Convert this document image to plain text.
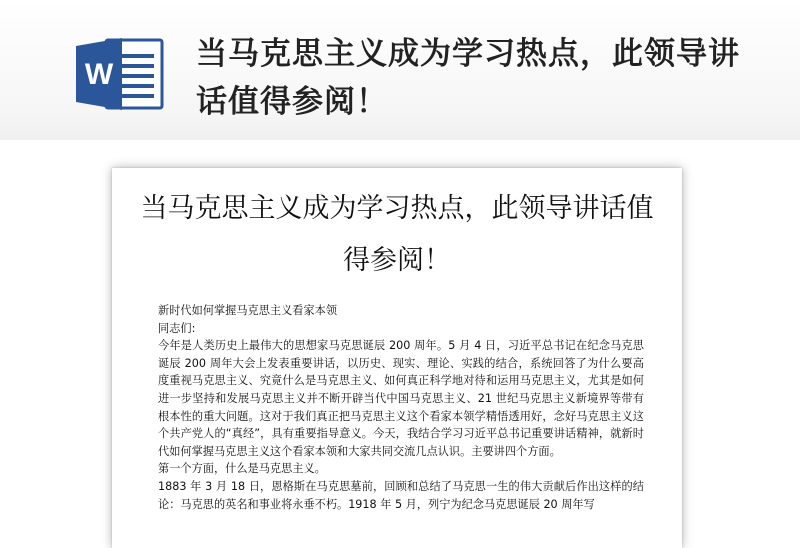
W
当马克思主义成为学习热点，此领导讲话值得参阅！
当马克思主义成为学习热点，此领导讲话值得参阅！

新时代如何掌握马克思主义看家本领

同志们:

今年是人类历史上最伟大的思想家马克思诞辰 200 周年。5 月 4 日，习近平总书记在纪念马克思诞辰 200 周年大会上发表重要讲话，以历史、现实、理论、实践的结合，系统回答了为什么要高度重视马克思主义、究竟什么是马克思主义、如何真正科学地对待和运用马克思主义，尤其是如何进一步坚持和发展马克思主义并不断开辟当代中国马克思主义、21 世纪马克思主义新境界等带有根本性的重大问题。这对于我们真正把马克思主义这个看家本领学精悟透用好，念好马克思主义这个共产党人的“真经”，具有重要指导意义。今天，我结合学习习近平总书记重要讲话精神，就新时代如何掌握马克思主义这个看家本领和大家共同交流几点认识。主要讲四个方面。

第一个方面，什么是马克思主义。

1883 年 3 月 18 日，恩格斯在马克思墓前，回顾和总结了马克思一生的伟大贡献后作出这样的结论：马克思的英名和事业将永垂不朽。1918 年 5 月，列宁为纪念马克思诞辰 20 周年写
